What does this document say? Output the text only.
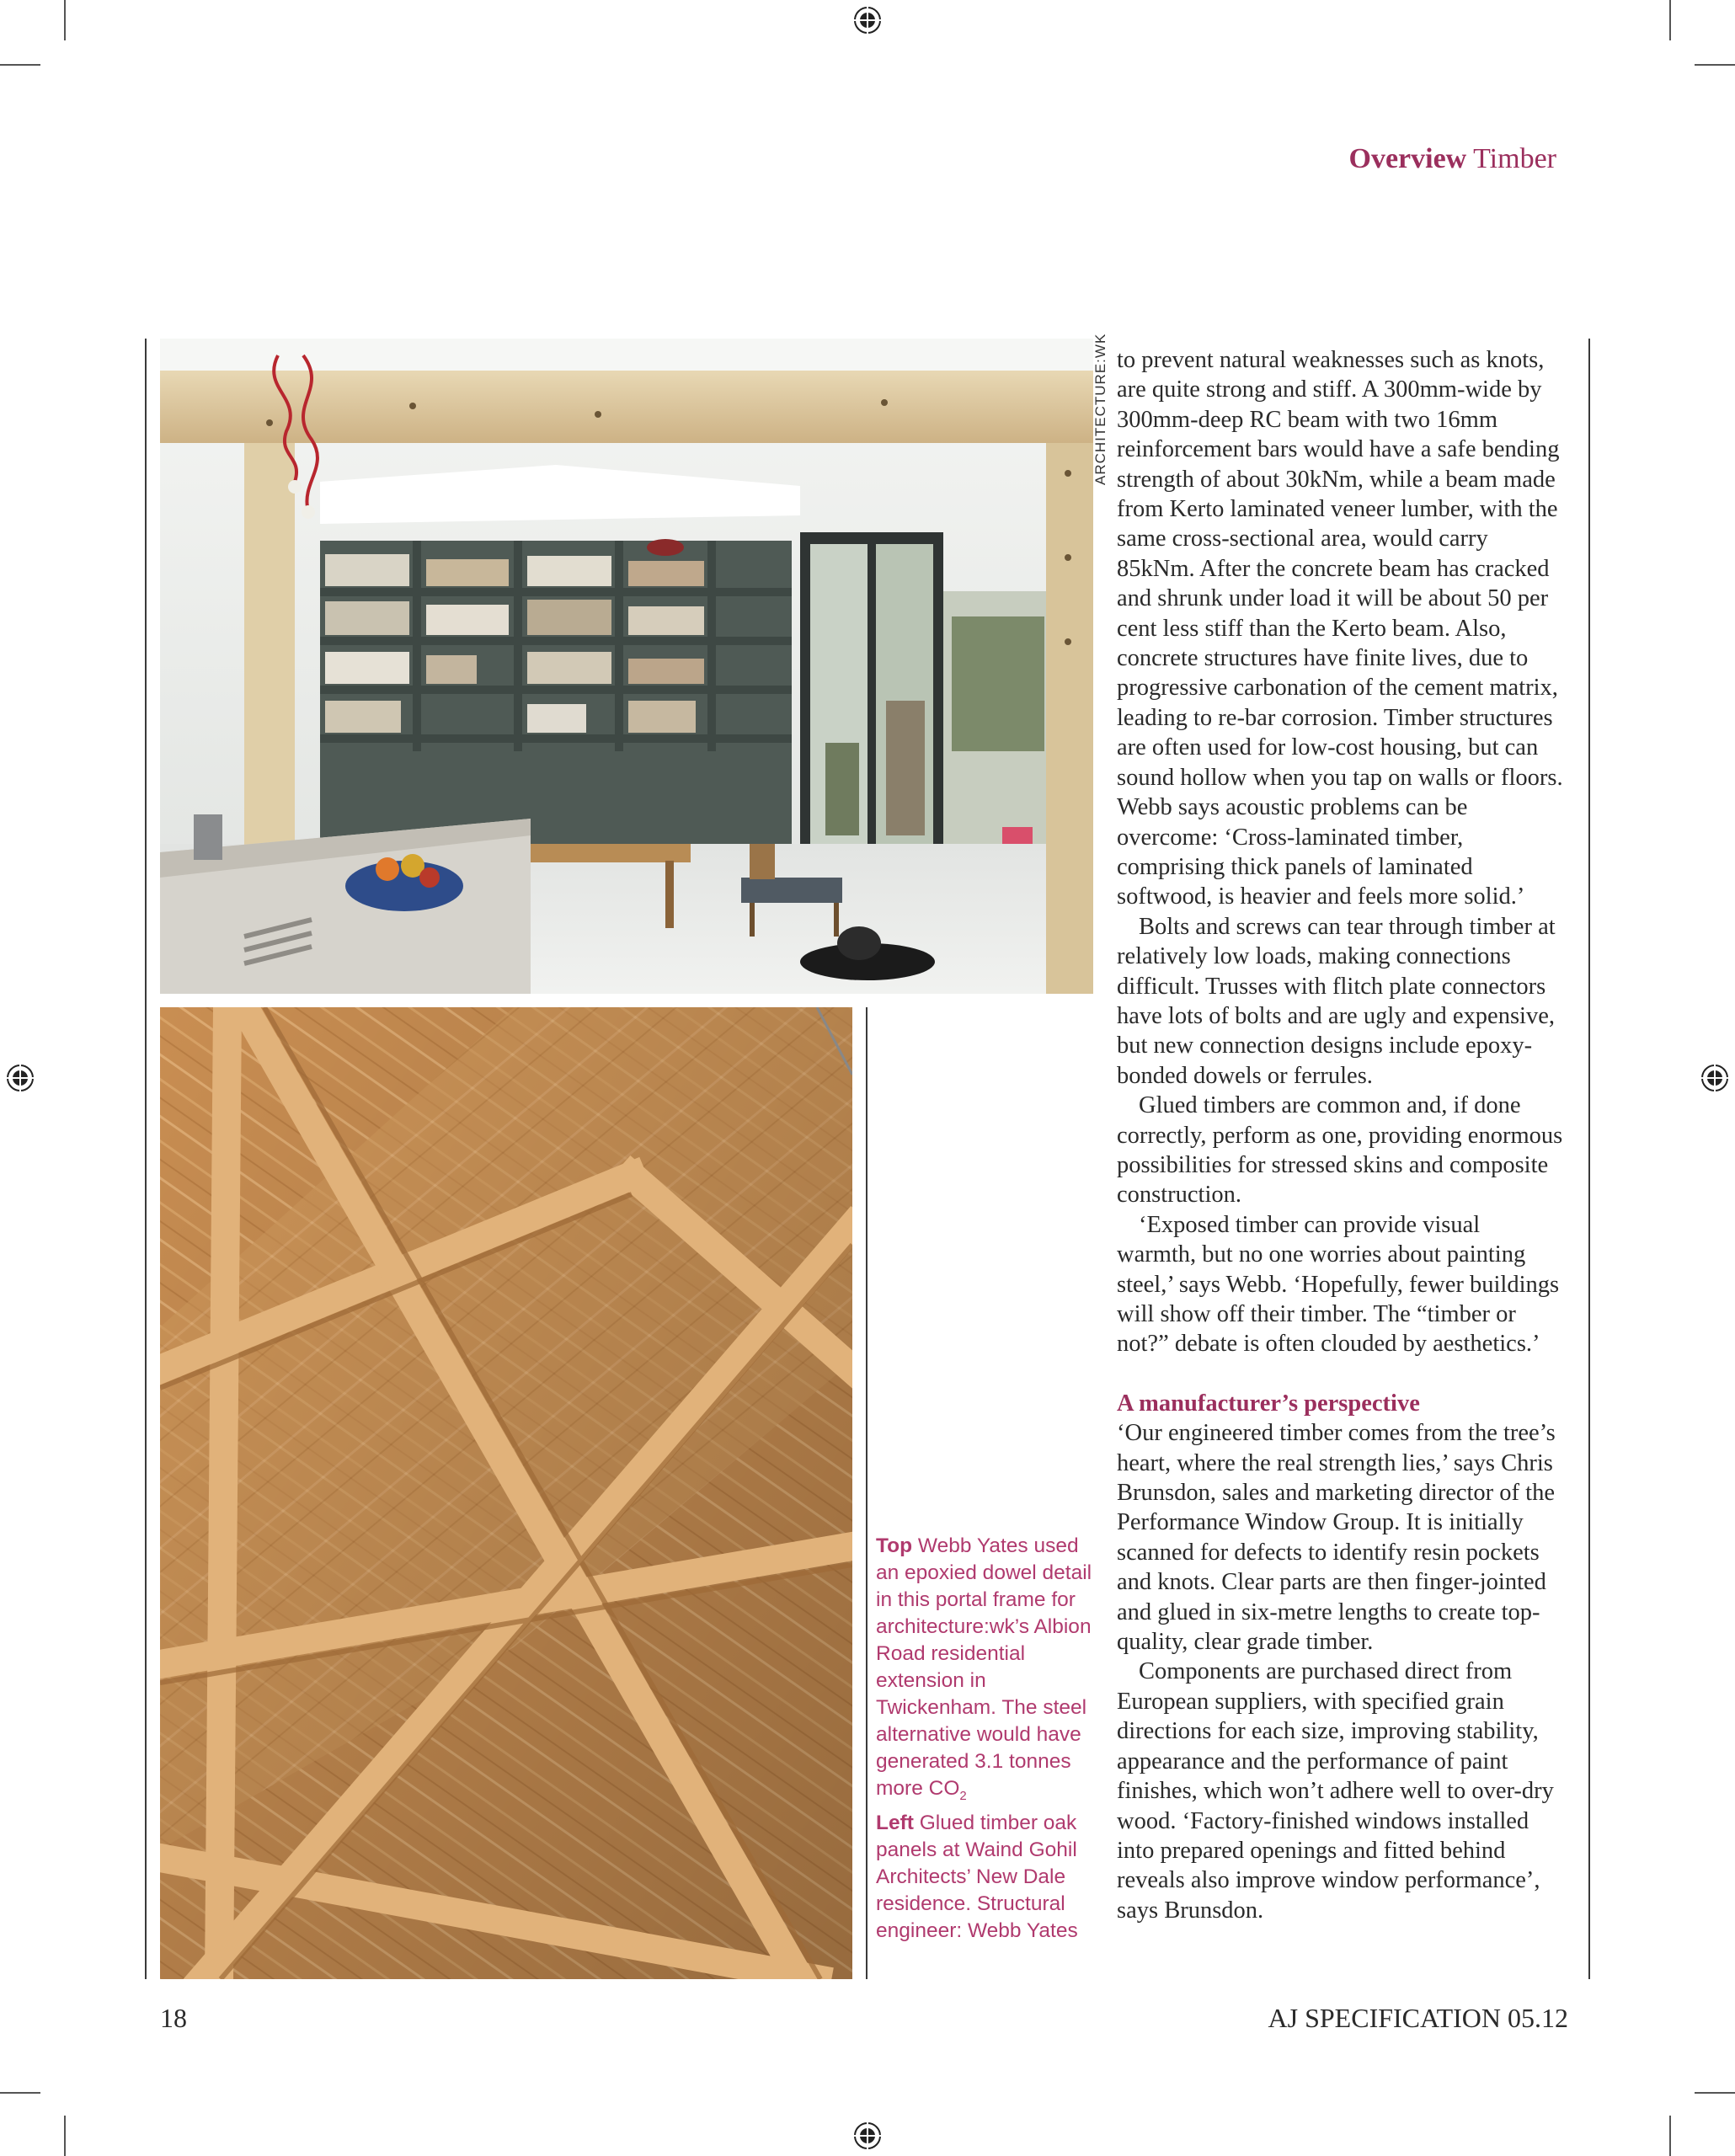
Overview Timber
ARCHITECTURE:WK
Top Webb Yates used an epoxied dowel detail in this portal frame for architecture:wk’s Albion Road residential extension in Twickenham. The steel alternative would have generated 3.1 tonnes more $CO_2$
Left Glued timber oak panels at Waind Gohil Architects’ New Dale residence. Structural engineer: Webb Yates

to prevent natural weaknesses such as knots, are quite strong and stiff. A 300mm-wide by 300mm-deep RC beam with two 16mm reinforcement bars would have a safe bending strength of about 30kNm, while a beam made from Kerto laminated veneer lumber, with the same cross-sectional area, would carry 85kNm. After the concrete beam has cracked and shrunk under load it will be about 50 per cent less stiff than the Kerto beam. Also, concrete structures have finite lives, due to progressive carbonation of the cement matrix, leading to re-bar corrosion. Timber structures are often used for low-cost housing, but can sound hollow when you tap on walls or floors. Webb says acoustic problems can be overcome: ‘Cross-laminated timber, comprising thick panels of laminated softwood, is heavier and feels more solid.’

Bolts and screws can tear through timber at relatively low loads, making connections difficult. Trusses with flitch plate connectors have lots of bolts and are ugly and expensive, but new connection designs include epoxy-bonded dowels or ferrules.

Glued timbers are common and, if done correctly, perform as one, providing enormous possibilities for stressed skins and composite construction.

‘Exposed timber can provide visual warmth, but no one worries about painting steel,’ says Webb. ‘Hopefully, fewer buildings will show off their timber. The “timber or not?” debate is often clouded by aesthetics.’

A manufacturer’s perspective

‘Our engineered timber comes from the tree’s heart, where the real strength lies,’ says Chris Brunsdon, sales and marketing director of the Performance Window Group. It is initially scanned for defects to identify resin pockets and knots. Clear parts are then finger-jointed and glued in six-metre lengths to create top-quality, clear grade timber.

Components are purchased direct from European suppliers, with specified grain directions for each size, improving stability, appearance and the performance of paint finishes, which won’t adhere well to over-dry wood. ‘Factory-finished windows installed into prepared openings and fitted behind reveals also improve window performance’, says Brunsdon.

18	AJ SPECIFICATION 05.12
